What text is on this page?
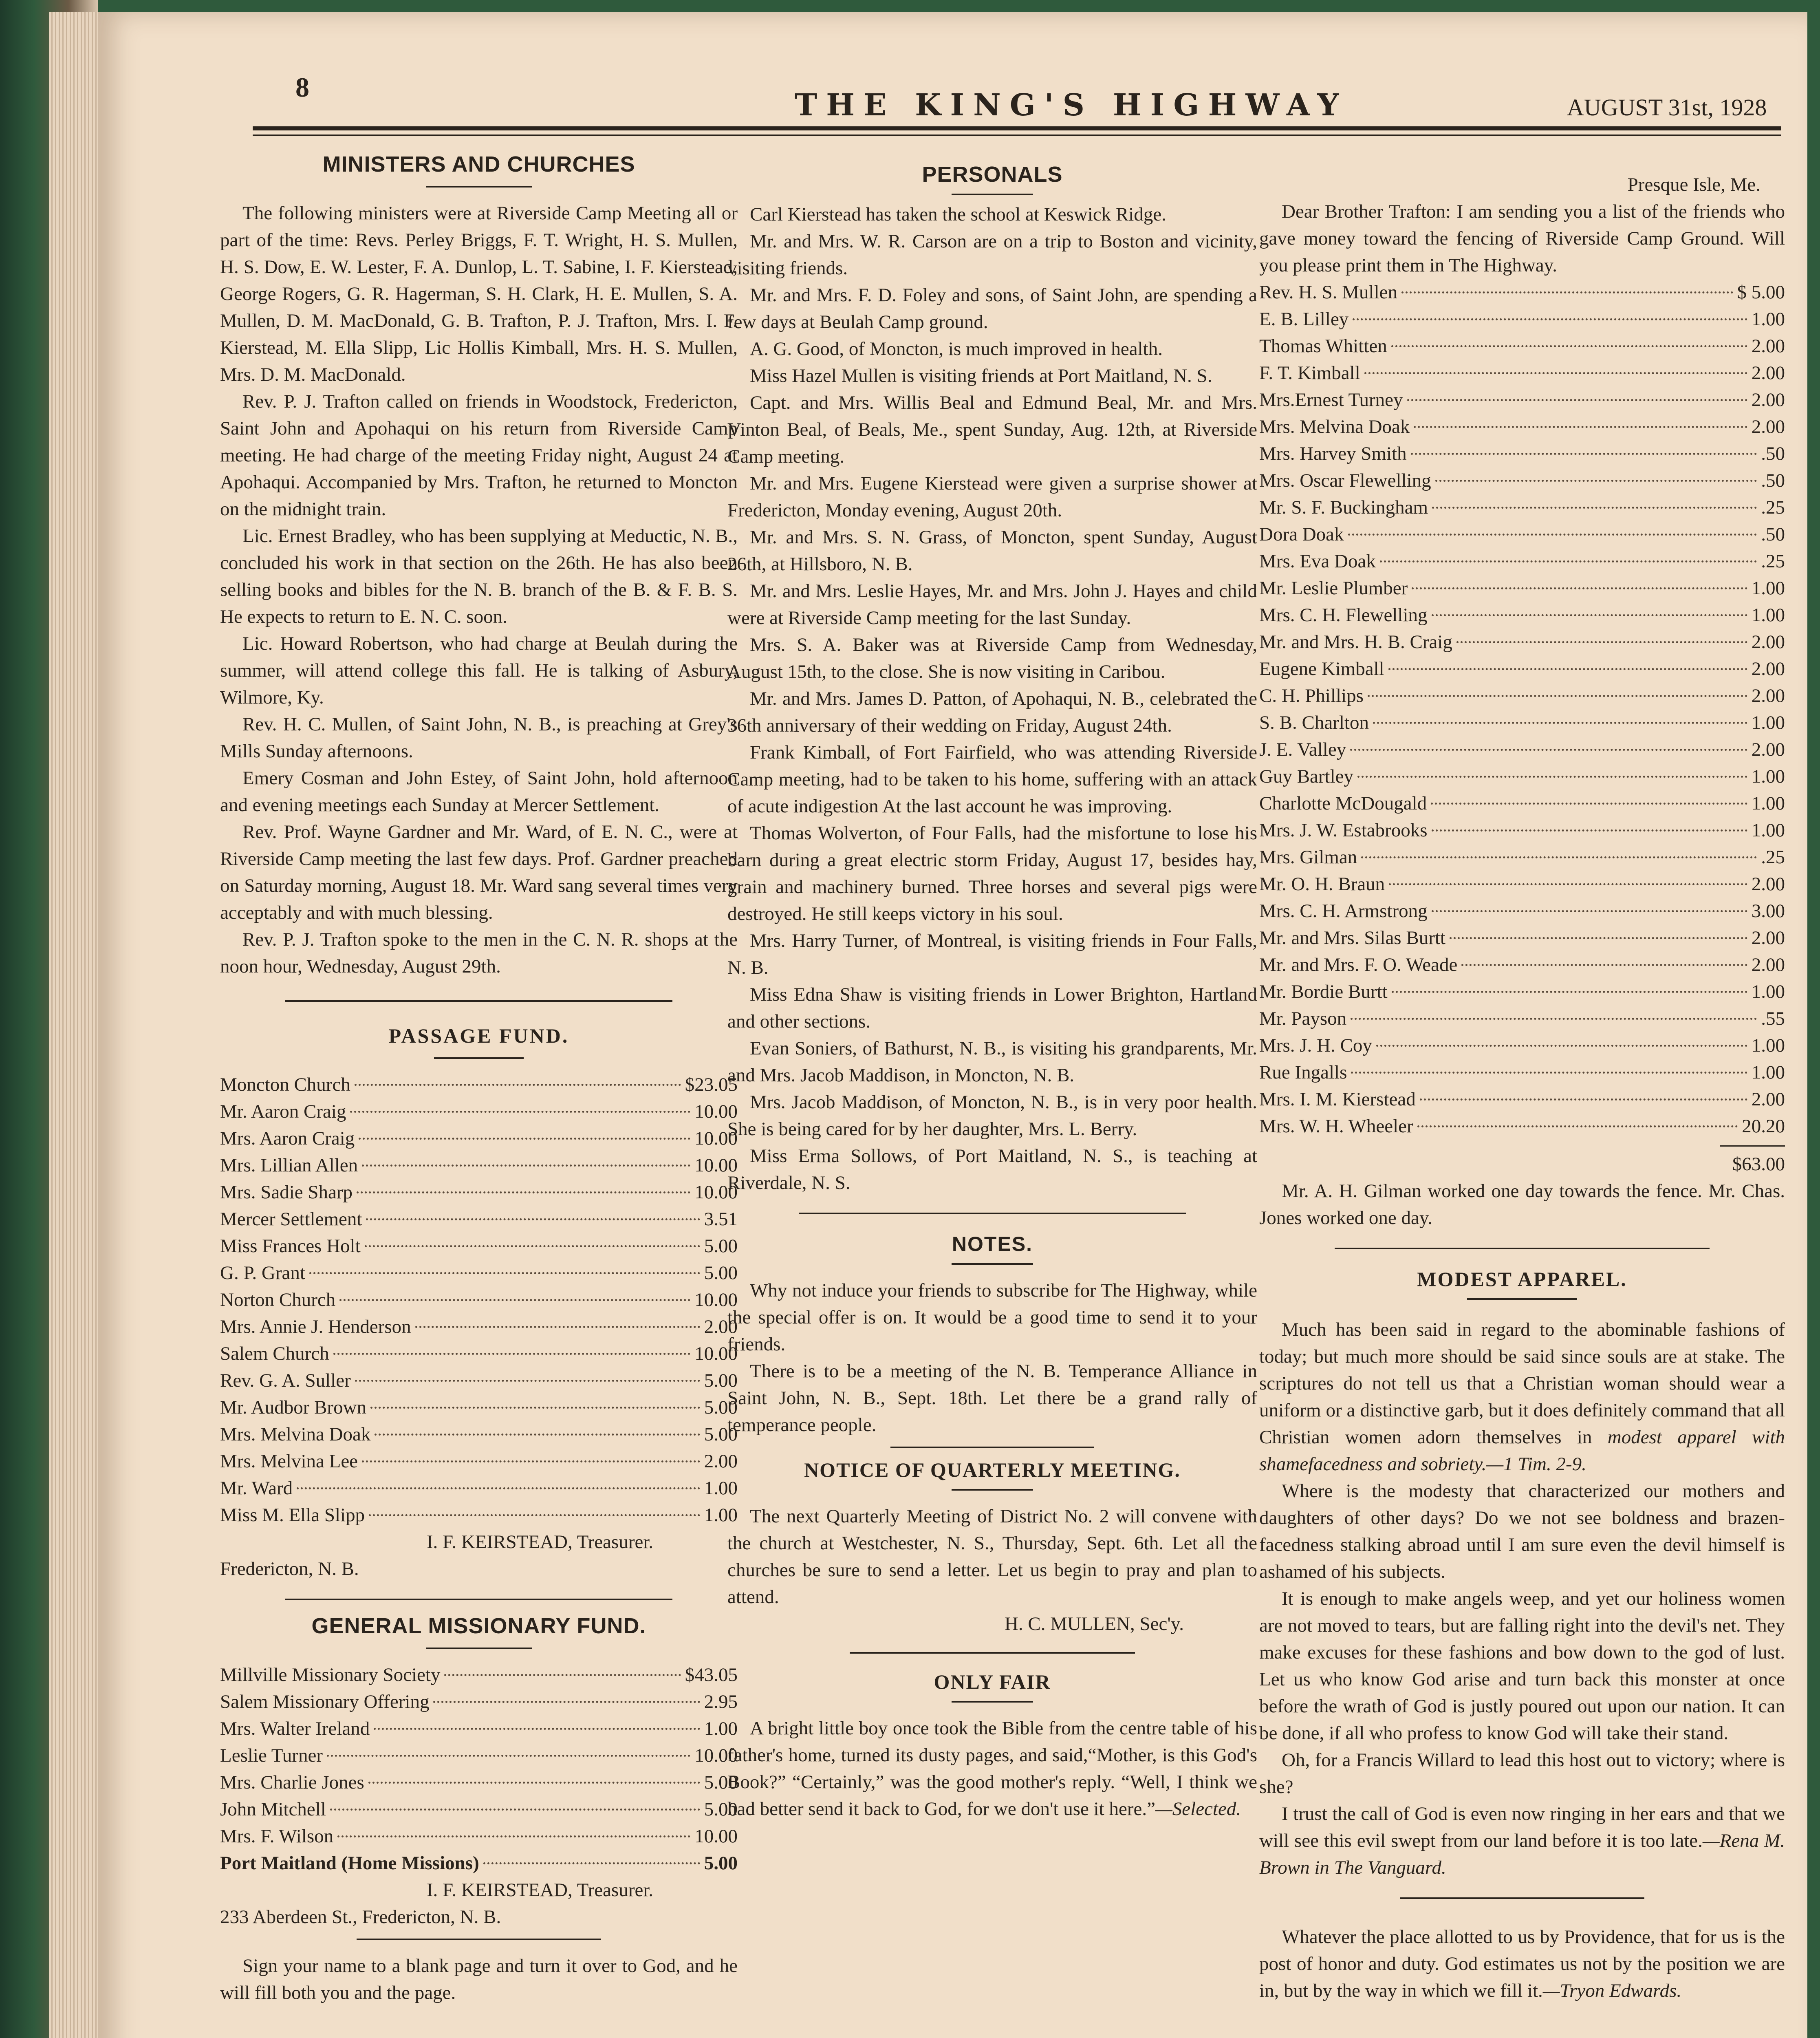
8
THE KING'S HIGHWAY	AUGUST 31st, 1928
MINISTERS AND CHURCHES

The following ministers were at Riverside Camp Meeting all or part of the time: Revs. Perley Briggs, F. T. Wright, H. S. Mullen, H. S. Dow, E. W. Lester, F. A. Dunlop, L. T. Sabine, I. F. Kierstead, George Rogers, G. R. Hagerman, S. H. Clark, H. E. Mullen, S. A. Mullen, D. M. MacDonald, G. B. Trafton, P. J. Trafton, Mrs. I. F. Kierstead, M. Ella Slipp, Lic Hollis Kimball, Mrs. H. S. Mullen, Mrs. D. M. MacDonald.

Rev. P. J. Trafton called on friends in Woodstock, Fredericton, Saint John and Apohaqui on his return from Riverside Camp meeting. He had charge of the meeting Friday night, August 24 at Apohaqui. Accompanied by Mrs. Trafton, he returned to Moncton on the midnight train.

Lic. Ernest Bradley, who has been supplying at Meductic, N. B., concluded his work in that section on the 26th. He has also been selling books and bibles for the N. B. branch of the B. & F. B. S. He expects to return to E. N. C. soon.

Lic. Howard Robertson, who had charge at Beulah during the summer, will attend college this fall. He is talking of Asbury, Wilmore, Ky.

Rev. H. C. Mullen, of Saint John, N. B., is preaching at Grey's Mills Sunday afternoons.

Emery Cosman and John Estey, of Saint John, hold afternoon and evening meetings each Sunday at Mercer Settlement.

Rev. Prof. Wayne Gardner and Mr. Ward, of E. N. C., were at Riverside Camp meeting the last few days. Prof. Gardner preached on Saturday morning, August 18. Mr. Ward sang several times very acceptably and with much blessing.

Rev. P. J. Trafton spoke to the men in the C. N. R. shops at the noon hour, Wednesday, August 29th.

PASSAGE FUND.
Moncton Church	$23.05
Mr. Aaron Craig	10.00
Mrs. Aaron Craig	10.00
Mrs. Lillian Allen	10.00
Mrs. Sadie Sharp	10.00
Mercer Settlement	3.51
Miss Frances Holt	5.00
G. P. Grant	5.00
Norton Church	10.00
Mrs. Annie J. Henderson	2.00
Salem Church	10.00
Rev. G. A. Suller	5.00
Mr. Audbor Brown	5.00
Mrs. Melvina Doak	5.00
Mrs. Melvina Lee	2.00
Mr. Ward	1.00
Miss M. Ella Slipp	1.00
I. F. KEIRSTEAD, Treasurer.
Fredericton, N. B.
GENERAL MISSIONARY FUND.
Millville Missionary Society	$43.05
Salem Missionary Offering	2.95
Mrs. Walter Ireland	1.00
Leslie Turner	10.00
Mrs. Charlie Jones	5.00
John Mitchell	5.00
Mrs. F. Wilson	10.00
Port Maitland (Home Missions)	5.00
I. F. KEIRSTEAD, Treasurer.
233 Aberdeen St., Fredericton, N. B.

Sign your name to a blank page and turn it over to God, and he will fill both you and the page.

PERSONALS

Carl Kierstead has taken the school at Keswick Ridge.

Mr. and Mrs. W. R. Carson are on a trip to Boston and vicinity, visiting friends.

Mr. and Mrs. F. D. Foley and sons, of Saint John, are spending a few days at Beulah Camp ground.

A. G. Good, of Moncton, is much improved in health.

Miss Hazel Mullen is visiting friends at Port Maitland, N. S.

Capt. and Mrs. Willis Beal and Edmund Beal, Mr. and Mrs. Vinton Beal, of Beals, Me., spent Sunday, Aug. 12th, at Riverside Camp meeting.

Mr. and Mrs. Eugene Kierstead were given a surprise shower at Fredericton, Monday evening, August 20th.

Mr. and Mrs. S. N. Grass, of Moncton, spent Sunday, August 26th, at Hillsboro, N. B.

Mr. and Mrs. Leslie Hayes, Mr. and Mrs. John J. Hayes and child were at Riverside Camp meeting for the last Sunday.

Mrs. S. A. Baker was at Riverside Camp from Wednesday, August 15th, to the close. She is now visiting in Caribou.

Mr. and Mrs. James D. Patton, of Apohaqui, N. B., celebrated the 36th anniversary of their wedding on Friday, August 24th.

Frank Kimball, of Fort Fairfield, who was attending Riverside Camp meeting, had to be taken to his home, suffering with an attack of acute indigestion At the last account he was improving.

Thomas Wolverton, of Four Falls, had the misfortune to lose his barn during a great electric storm Friday, August 17, besides hay, grain and machinery burned. Three horses and several pigs were destroyed. He still keeps victory in his soul.

Mrs. Harry Turner, of Montreal, is visiting friends in Four Falls, N. B.

Miss Edna Shaw is visiting friends in Lower Brighton, Hartland and other sections.

Evan Soniers, of Bathurst, N. B., is visiting his grandparents, Mr. and Mrs. Jacob Maddison, in Moncton, N. B.

Mrs. Jacob Maddison, of Moncton, N. B., is in very poor health. She is being cared for by her daughter, Mrs. L. Berry.

Miss Erma Sollows, of Port Maitland, N. S., is teaching at Riverdale, N. S.

NOTES.

Why not induce your friends to subscribe for The Highway, while the special offer is on. It would be a good time to send it to your friends.

There is to be a meeting of the N. B. Temperance Alliance in Saint John, N. B., Sept. 18th. Let there be a grand rally of temperance people.

NOTICE OF QUARTERLY MEETING.

The next Quarterly Meeting of District No. 2 will convene with the church at Westchester, N. S., Thursday, Sept. 6th. Let all the churches be sure to send a letter. Let us begin to pray and plan to attend.

H. C. MULLEN, Sec'y.
ONLY FAIR

A bright little boy once took the Bible from the centre table of his father's home, turned its dusty pages, and said,“Mother, is this God's Book?” “Certainly,” was the good mother's reply. “Well, I think we had better send it back to God, for we don't use it here.”—Selected.

Presque Isle, Me.

Dear Brother Trafton: I am sending you a list of the friends who gave money toward the fencing of Riverside Camp Ground. Will you please print them in The Highway.

Rev. H. S. Mullen	$ 5.00
E. B. Lilley	1.00
Thomas Whitten	2.00
F. T. Kimball	2.00
Mrs.Ernest Turney	2.00
Mrs. Melvina Doak	2.00
Mrs. Harvey Smith	.50
Mrs. Oscar Flewelling	.50
Mr. S. F. Buckingham	.25
Dora Doak	.50
Mrs. Eva Doak	.25
Mr. Leslie Plumber	1.00
Mrs. C. H. Flewelling	1.00
Mr. and Mrs. H. B. Craig	2.00
Eugene Kimball	2.00
C. H. Phillips	2.00
S. B. Charlton	1.00
J. E. Valley	2.00
Guy Bartley	1.00
Charlotte McDougald	1.00
Mrs. J. W. Estabrooks	1.00
Mrs. Gilman	.25
Mr. O. H. Braun	2.00
Mrs. C. H. Armstrong	3.00
Mr. and Mrs. Silas Burtt	2.00
Mr. and Mrs. F. O. Weade	2.00
Mr. Bordie Burtt	1.00
Mr. Payson	.55
Mrs. J. H. Coy	1.00
Rue Ingalls	1.00
Mrs. I. M. Kierstead	2.00
Mrs. W. H. Wheeler	20.20
$63.00

Mr. A. H. Gilman worked one day towards the fence. Mr. Chas. Jones worked one day.

MODEST APPAREL.

Much has been said in regard to the abominable fashions of today; but much more should be said since souls are at stake. The scriptures do not tell us that a Christian woman should wear a uniform or a distinctive garb, but it does definitely command that all Christian women adorn themselves in modest apparel with shamefacedness and sobriety.—1 Tim. 2-9.

Where is the modesty that characterized our mothers and daughters of other days? Do we not see boldness and brazen-facedness stalking abroad until I am sure even the devil himself is ashamed of his subjects.

It is enough to make angels weep, and yet our holiness women are not moved to tears, but are falling right into the devil's net. They make excuses for these fashions and bow down to the god of lust. Let us who know God arise and turn back this monster at once before the wrath of God is justly poured out upon our nation. It can be done, if all who profess to know God will take their stand.

Oh, for a Francis Willard to lead this host out to victory; where is she?

I trust the call of God is even now ringing in her ears and that we will see this evil swept from our land before it is too late.—Rena M. Brown in The Vanguard.

Whatever the place allotted to us by Providence, that for us is the post of honor and duty. God estimates us not by the position we are in, but by the way in which we fill it.—Tryon Edwards.
